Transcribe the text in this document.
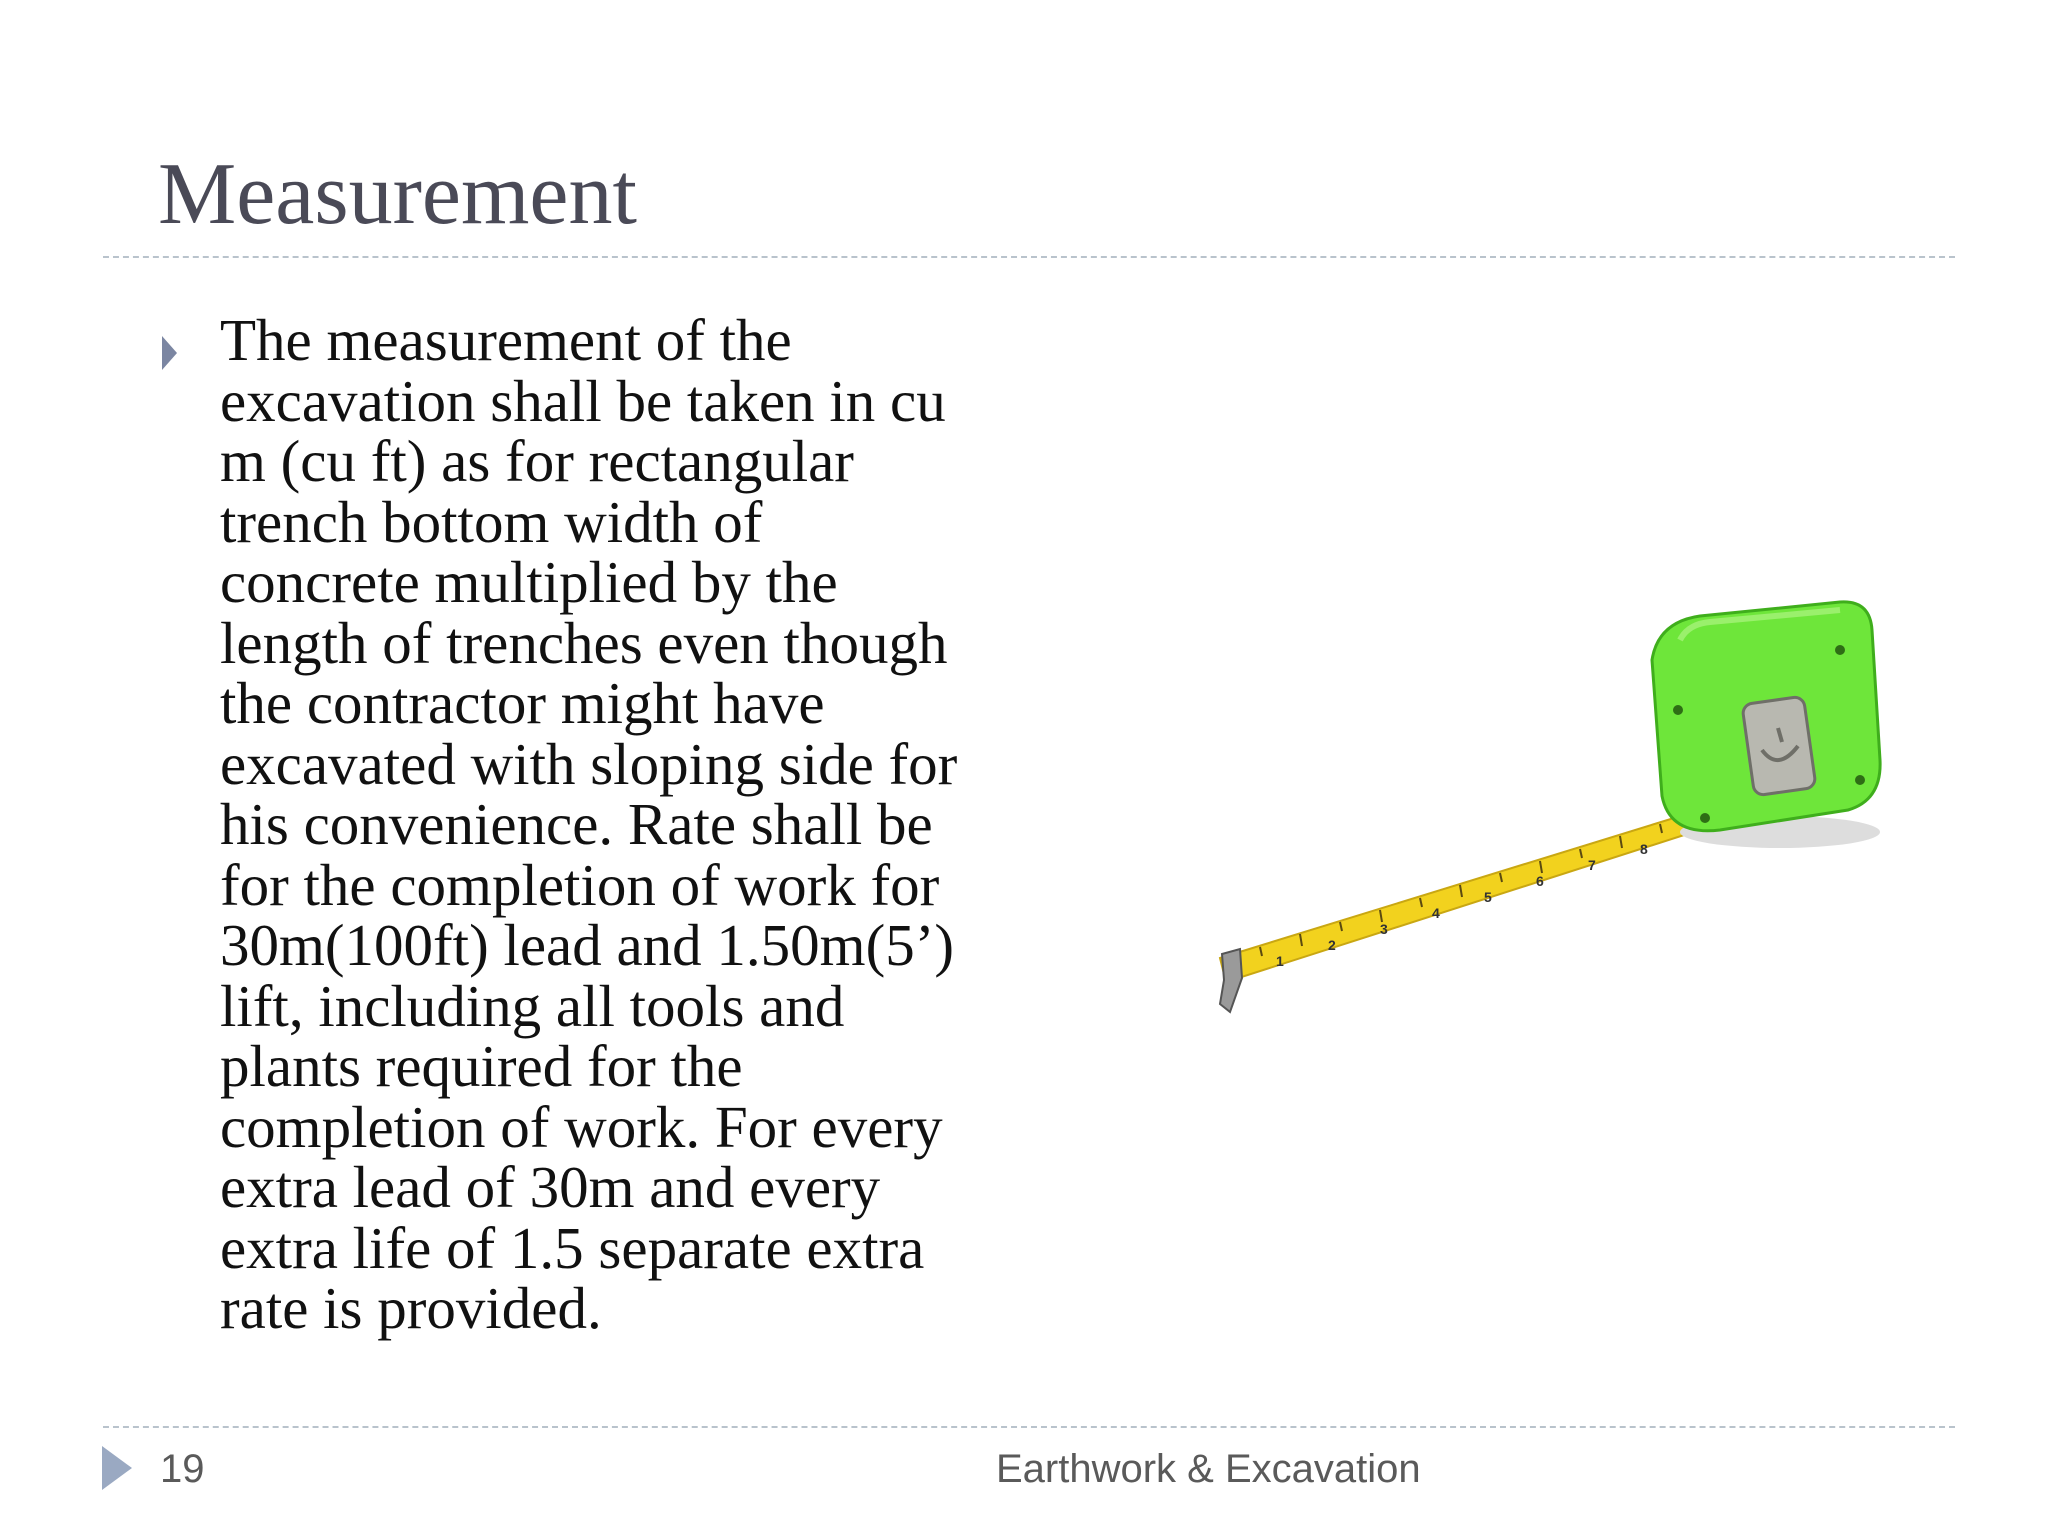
Measurement

The measurement of the
excavation shall be taken in cu
m (cu ft) as for rectangular
trench bottom width of
concrete multiplied by the
length of trenches even though
the contractor might have
excavated with sloping side for
his convenience. Rate shall be
for the completion of work for
30m(100ft) lead and 1.50m(5’)
lift, including all tools and
plants required for the
completion of work. For every
extra lead of 30m and every
extra life of 1.5 separate extra
rate is provided.

1
2
3
4
5
6
7
8
19	Earthwork & Excavation
